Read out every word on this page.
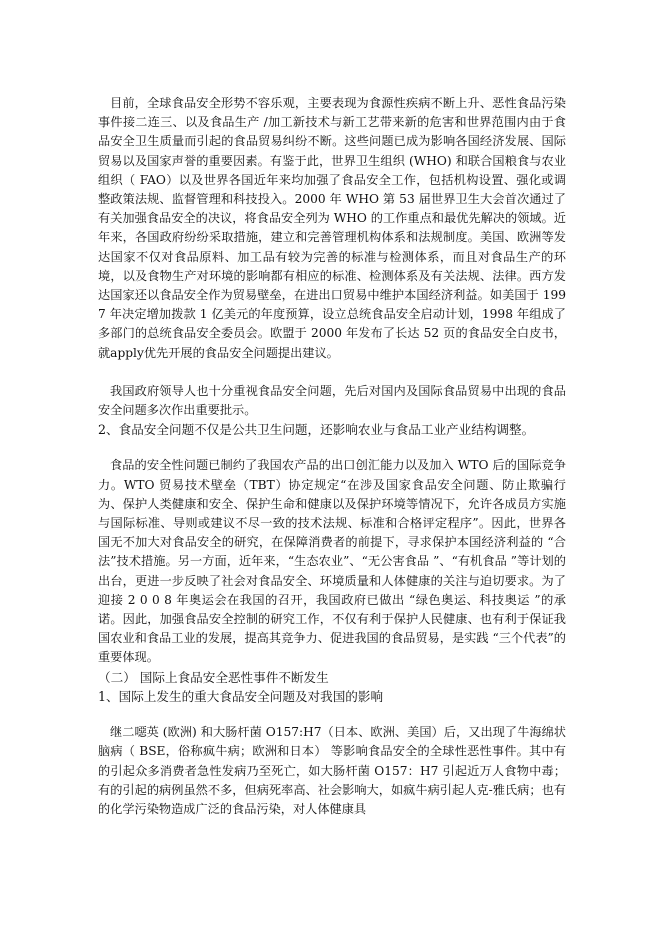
目前，全球食品安全形势不容乐观，主要表现为食源性疾病不断上升、恶性食品污染事件接二连三、以及食品生产 /加工新技术与新工艺带来新的危害和世界范围内由于食品安全卫生质量而引起的食品贸易纠纷不断。这些问题已成为影响各国经济发展、国际贸易以及国家声誉的重要因素。有鉴于此，世界卫生组织 (WHO) 和联合国粮食与农业组织（ FAO）以及世界各国近年来均加强了食品安全工作，包括机构设置、强化或调整政策法规、监督管理和科技投入。2000 年 WHO 第 53 届世界卫生大会首次通过了有关加强食品安全的决议，将食品安全列为 WHO 的工作重点和最优先解决的领域。近年来，各国政府纷纷采取措施，建立和完善管理机构体系和法规制度。美国、欧洲等发达国家不仅对食品原料、加工品有较为完善的标准与检测体系，而且对食品生产的环境，以及食物生产对环境的影响都有相应的标准、检测体系及有关法规、法律。西方发达国家还以食品安全作为贸易壁垒，在进出口贸易中维护本国经济利益。如美国于 1997 年决定增加拨款 1 亿美元的年度预算，设立总统食品安全启动计划，1998 年组成了多部门的总统食品安全委员会。欧盟于 2000 年发布了长达 52 页的食品安全白皮书，就apply优先开展的食品安全问题提出建议。

我国政府领导人也十分重视食品安全问题，先后对国内及国际食品贸易中出现的食品安全问题多次作出重要批示。

2、食品安全问题不仅是公共卫生问题，还影响农业与食品工业产业结构调整。

食品的安全性问题已制约了我国农产品的出口创汇能力以及加入 WTO 后的国际竞争力。WTO 贸易技术壁垒（TBT）协定规定“在涉及国家食品安全问题、防止欺骗行为、保护人类健康和安全、保护生命和健康以及保护环境等情况下，允许各成员方实施与国际标准、导则或建议不尽一致的技术法规、标准和合格评定程序”。因此，世界各国无不加大对食品安全的研究，在保障消费者的前提下，寻求保护本国经济利益的 “合法”技术措施。另一方面，近年来，“生态农业”、“无公害食品 ”、“有机食品 ”等计划的出台，更进一步反映了社会对食品安全、环境质量和人体健康的关注与迫切要求。为了迎接 2 0 0 8 年奥运会在我国的召开，我国政府已做出 “绿色奥运、科技奥运 ”的承诺。因此，加强食品安全控制的研究工作，不仅有利于保护人民健康、也有利于保证我国农业和食品工业的发展，提高其竞争力、促进我国的食品贸易，是实践 “三个代表”的重要体现。

（二） 国际上食品安全恶性事件不断发生

1、国际上发生的重大食品安全问题及对我国的影响

继二噁英 (欧洲) 和大肠杆菌 O157:H7（日本、欧洲、美国）后，又出现了牛海绵状脑病（ BSE，俗称疯牛病；欧洲和日本） 等影响食品安全的全球性恶性事件。其中有的引起众多消费者急性发病乃至死亡，如大肠杆菌 O157：H7 引起近万人食物中毒；有的引起的病例虽然不多，但病死率高、社会影响大，如疯牛病引起人克-雅氏病；也有的化学污染物造成广泛的食品污染，对人体健康具
